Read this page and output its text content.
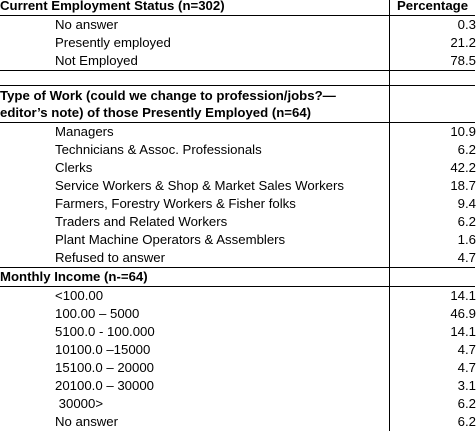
Current Employment Status (n=302)	Percentage
No answer	0.3
Presently employed	21.2
Not Employed	78.5

Type of Work (could we change to profession/jobs?—editor’s note) of those Presently Employed (n=64)	
Managers	10.9
Technicians & Assoc. Professionals	6.2
Clerks	42.2
Service Workers & Shop & Market Sales Workers	18.7
Farmers, Forestry Workers & Fisher folks	9.4
Traders and Related Workers	6.2
Plant Machine Operators & Assemblers	1.6
Refused to answer	4.7
Monthly Income (n-=64)	
<100.00	14.1
100.00 – 5000	46.9
5100.0 - 100.000	14.1
10100.0 –15000	4.7
15100.0 – 20000	4.7
20100.0 – 30000	3.1
30000>	6.2
No answer	6.2
